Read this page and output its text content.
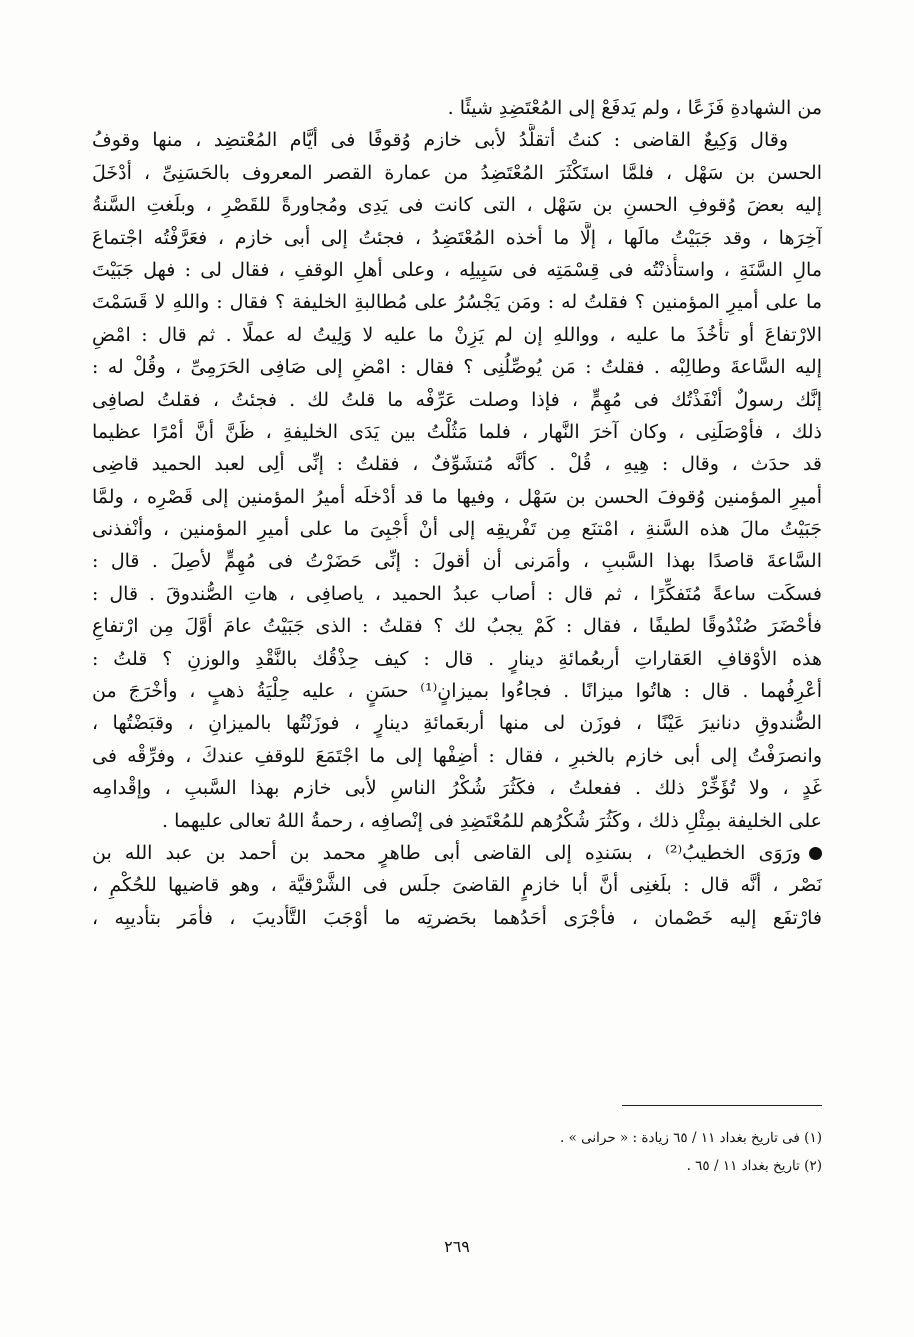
من الشهادةِ فَزَعًا ، ولم يَدفَعْ إلى المُعْتَضِدِ شيئًا .
وقال وَكِيعٌ القاضى : كنتُ أتقلَّدُ لأبى خازم وُقوفًا فى أيَّام المُعْتضِد ، منها وقوفُ
الحسن بن سَهْل ، فلمَّا استَكْثَرَ المُعْتَضِدُ من عمارة القصر المعروف بالحَسَنِىِّ ، أدْخَلَ
إليه بعضَ وُقوفِ الحسنِ بن سَهْل ، التى كانت فى يَدِى ومُجاورةً للقَصْرِ ، وبلَغتِ السَّنةُ
آخِرَها ، وقد جَبَيْتُ مالَها ، إلَّا ما أخذه المُعْتَضِدُ ، فجئتُ إلى أبى خازم ، فعَرَّفْتُه اجْتماعَ
مالِ السَّنَةِ ، واستأْذنْتُه فى قِسْمَتِه فى سَبِيلِه ، وعلى أهلِ الوقفِ ، فقال لى : فهل جَبَيْتَ
ما على أميرِ المؤمنين ؟ فقلتُ له : ومَن يَجْسُرُ على مُطالبةِ الخليفة ؟ فقال : واللهِ لا قَسَمْتَ
الارْتفاعَ أو تأْخُذَ ما عليه ، وواللهِ إن لم يَزِنْ ما عليه لا وَلِيتُ له عملًا . ثم قال : امْضِ
إليه السَّاعةَ وطالِبْه . فقلتُ : مَن يُوصِّلُنِى ؟ فقال : امْضِ إلى صَافِى الحَرَمِىِّ ، وقُلْ له :
إنَّك رسولٌ أنْفَذْتُك فى مُهِمٍّ ، فإذا وصلت عَرِّفْه ما قلتُ لك . فجئتُ ، فقلتُ لصافِى
ذلك ، فأوْصَلَنِى ، وكان آخرَ النَّهار ، فلما مَثُلْتُ بين يَدَى الخليفةِ ، ظَنَّ أنَّ أمْرًا عظيما
قد حدَث ، وقال : هِيهِ ، قُلْ . كأنَّه مُتشَوِّفٌ ، فقلتُ : إنِّى ألِى لعبد الحميد قاضِى
أميرِ المؤمنين وُقوفَ الحسن بن سَهْل ، وفيها ما قد أدْخلَه أميرُ المؤمنين إلى قَصْرِه ، ولمَّا
جَبَيْتُ مالَ هذه السَّنةِ ، امْتنَع مِن تَفْريقِه إلى أنْ أُجْبِىَ ما على أميرِ المؤمنين ، وأنْفذنى
السَّاعةَ قاصدًا بهذا السَّببِ ، وأمَرنى أن أقولَ : إنِّى حَضَرْتُ فى مُهِمٍّ لأصِلَ . قال :
فسكَت ساعةً مُتَفكِّرًا ، ثم قال : أصاب عبدُ الحميد ، ياصافِى ، هاتِ الصُّندوقَ . قال :
فأحْضَرَ صُنْدُوقًا لطيفًا ، فقال : كَمْ يجبُ لك ؟ فقلتُ : الذى جَبَيْتُ عامَ أوَّلَ مِن ارْتفاعِ
هذه الأوْقافِ العَقاراتِ أربعُمائةِ دينارٍ . قال : كيف حِذْقُك بالنَّقْدِ والوزنِ ؟ قلتُ :
أعْرِفُهما . قال : هاتُوا ميزانًا . فجاءُوا بميزانٍ⁽¹⁾ حسَنٍ ، عليه حِلْيَةُ ذهبٍ ، وأخْرَجَ من
الصُّندوقِ دنانيرَ عَيْنًا ، فوزَن لى منها أربعَمائةِ دينارٍ ، فوزَنْتُها بالميزانِ ، وقبَضْتُها ،
وانصرَفْتُ إلى أبى خازم بالخبرِ ، فقال : أضِفْها إلى ما اجْتَمَعَ للوقفِ عندكَ ، وفرِّقْه فى
غَدٍ ، ولا تُؤَخِّرْ ذلك . ففعلتُ ، فكَثُرَ شُكْرُ الناسِ لأبى خازم بهذا السَّببِ ، وإقْدامِه
على الخليفة بمِثْلِ ذلك ، وكَثُرَ شُكْرُهم للمُعْتَضِدِ فى إنْصافِه ، رحمةُ اللهُ تعالى عليهما .
ورَوَى الخطيبُ⁽²⁾ ، بسَندِه إلى القاضى أبى طاهرٍ محمد بن أحمد بن عبد الله بن
نَصْر ، أنَّه قال : بلَغنِى أنَّ أبا خازمٍ القاضىَ جلَس فى الشَّرْقيَّة ، وهو قاضيها للحُكْمِ ،
فارْتفَع إليه خَصْمان ، فأجْرَى أحَدُهما بحَضرتِه ما أوْجَبَ التَّأديبَ ، فأمَر بتأديبِه ،
(١) فى تاريخ بغداد ١١ / ٦٥ زيادة : « حرانى » .
(٢) تاريخ بغداد ١١ / ٦٥ .
٢٦٩
